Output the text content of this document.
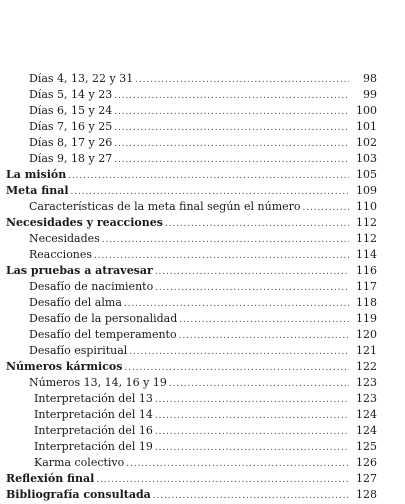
Días 4, 13, 22 y 31 . . .	98
Días 5, 14 y 23 . . .	99
Días 6, 15 y 24 . . .	100
Días 7, 16 y 25 . . .	101
Días 8, 17 y 26 . . .	102
Días 9, 18 y 27 . . .	103
La misión . . .	105
Meta final . . .	109
Características de la meta final según el número . . .	110
Necesidades y reacciones . . .	112
Necesidades . . .	112
Reacciones . . .	114
Las pruebas a atravesar . . .	116
Desafío de nacimiento . . .	117
Desafío del alma . . .	118
Desafío de la personalidad . . .	119
Desafío del temperamento . . .	120
Desafío espiritual . . .	121
Números kármicos . . .	122
Números 13, 14, 16 y 19 . . .	123
Interpretación del 13 . . .	123
Interpretación del 14 . . .	124
Interpretación del 16 . . .	124
Interpretación del 19 . . .	125
Karma colectivo . . .	126
Reflexión final . . .	127
Bibliografía consultada . . .	128
